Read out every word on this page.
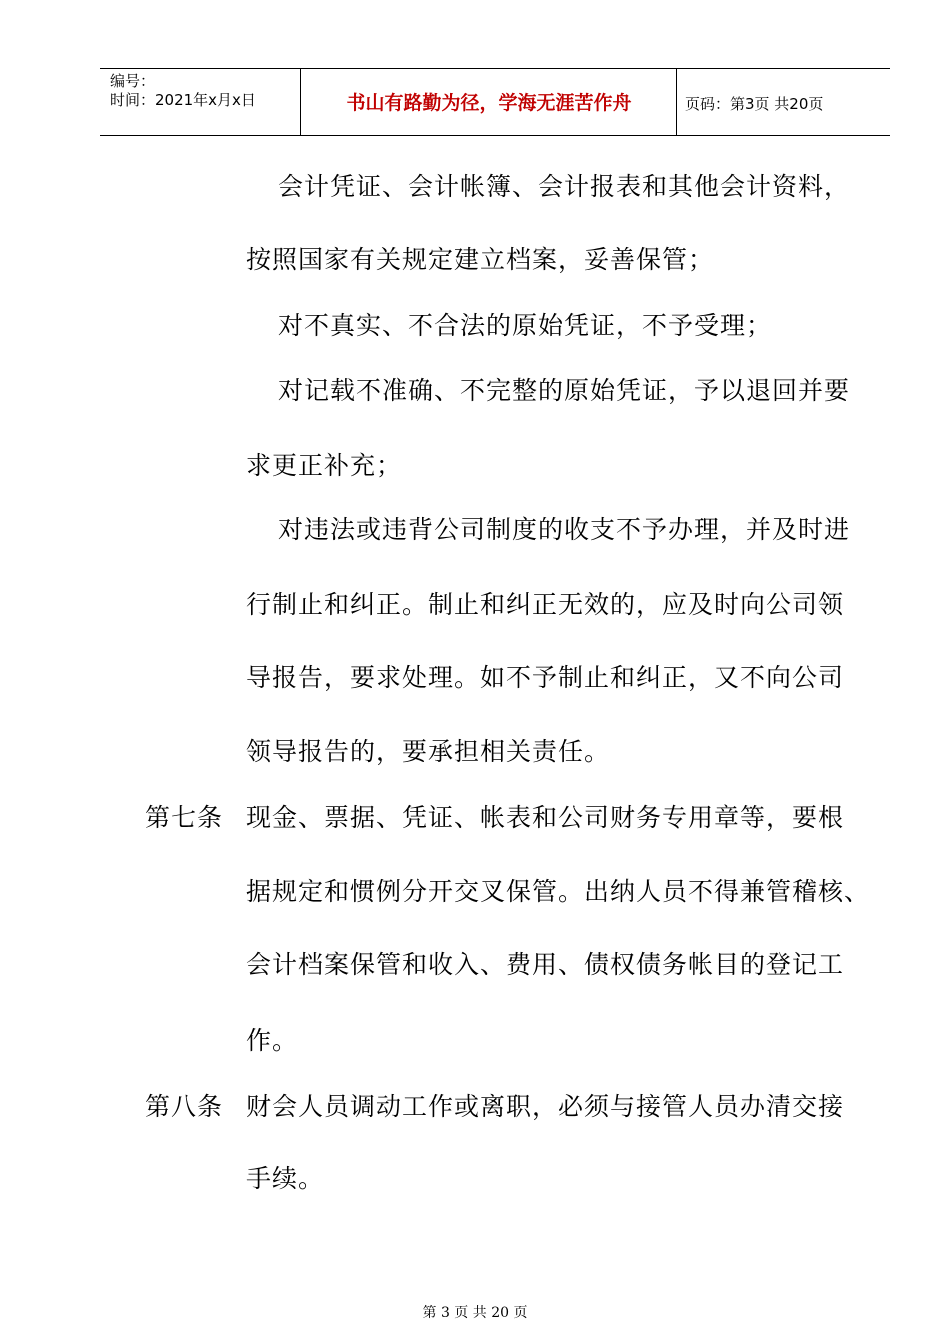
编号：
时间：2021年x月x日	书山有路勤为径，学海无涯苦作舟	页码：第3页 共20页
会计凭证、会计帐簿、会计报表和其他会计资料，
按照国家有关规定建立档案，妥善保管；
对不真实、不合法的原始凭证，不予受理；
对记载不准确、不完整的原始凭证，予以退回并要
求更正补充；
对违法或违背公司制度的收支不予办理，并及时进
行制止和纠正。制止和纠正无效的，应及时向公司领
导报告，要求处理。如不予制止和纠正，又不向公司
领导报告的，要承担相关责任。
第七条 现金、票据、凭证、帐表和公司财务专用章等，要根
据规定和惯例分开交叉保管。出纳人员不得兼管稽核、
会计档案保管和收入、费用、债权债务帐目的登记工
作。
第八条 财会人员调动工作或离职，必须与接管人员办清交接
手续。
第 3 页 共 20 页
